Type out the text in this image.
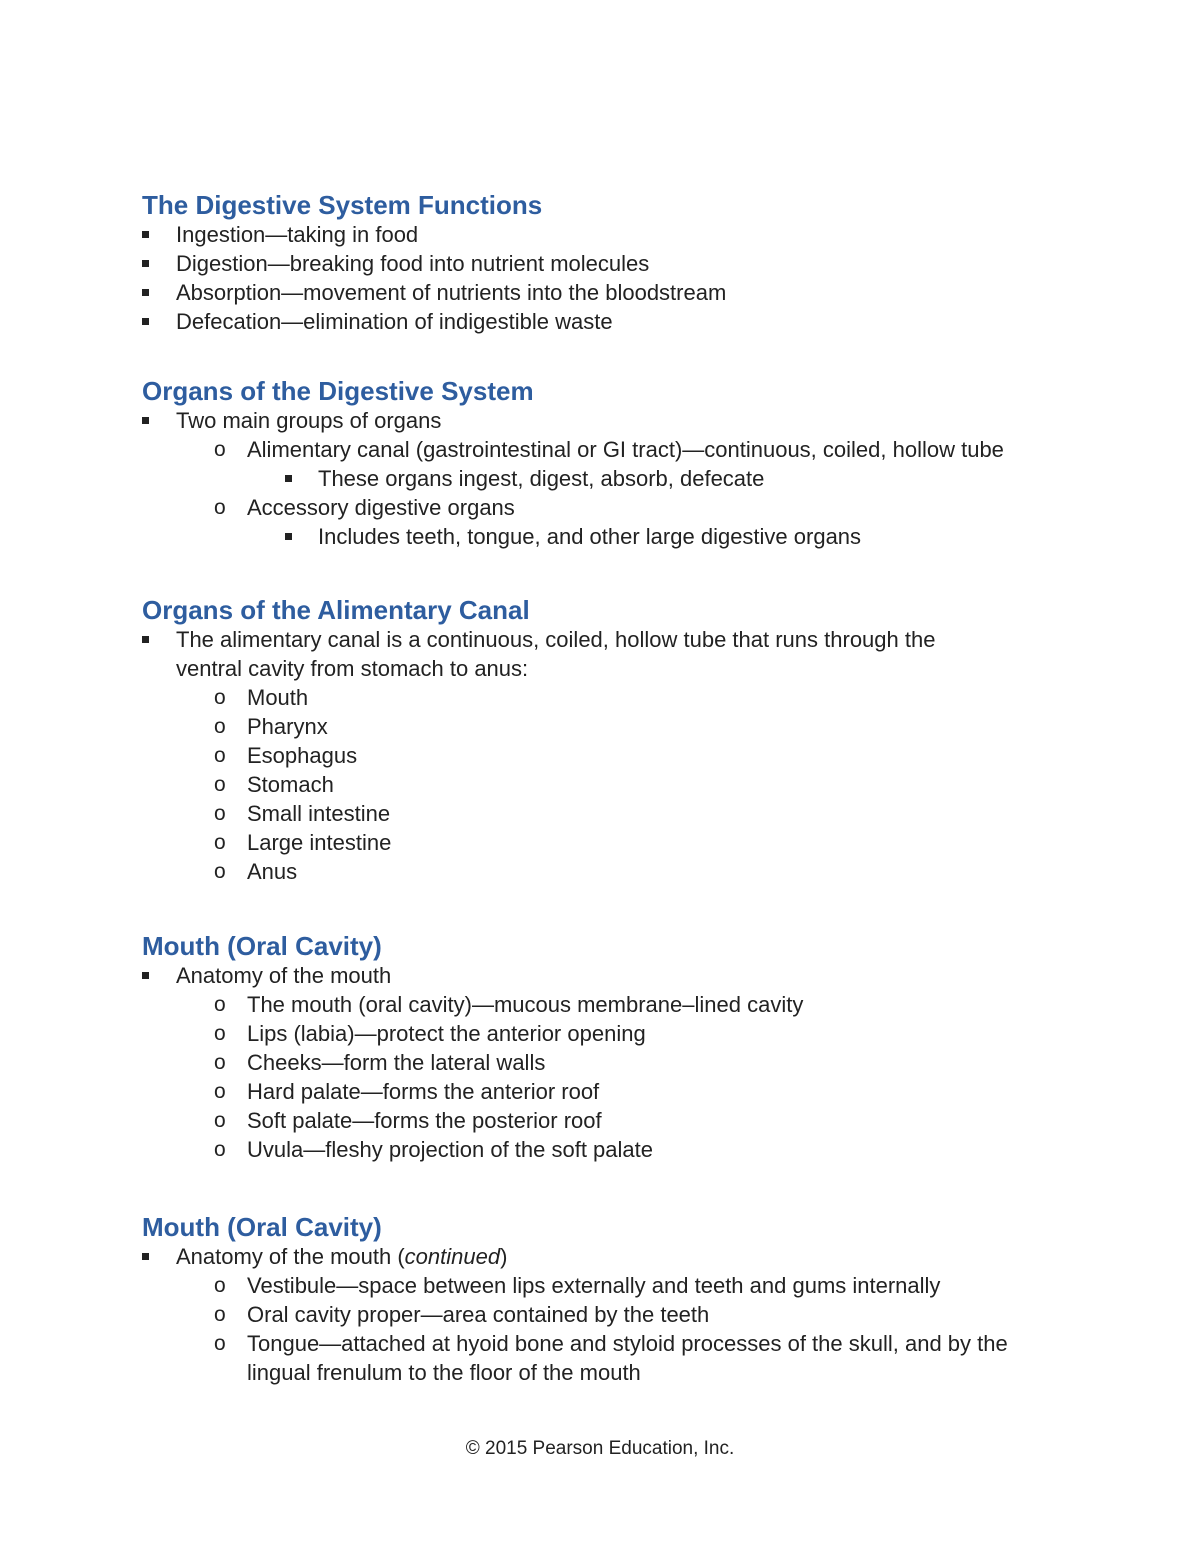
The Digestive System Functions
Ingestion—taking in food
Digestion—breaking food into nutrient molecules
Absorption—movement of nutrients into the bloodstream
Defecation—elimination of indigestible waste
Organs of the Digestive System
Two main groups of organs
o Alimentary canal (gastrointestinal or GI tract)—continuous, coiled, hollow tube
These organs ingest, digest, absorb, defecate
o Accessory digestive organs
Includes teeth, tongue, and other large digestive organs
Organs of the Alimentary Canal
The alimentary canal is a continuous, coiled, hollow tube that runs through the ventral cavity from stomach to anus:
o Mouth
o Pharynx
o Esophagus
o Stomach
o Small intestine
o Large intestine
o Anus
Mouth (Oral Cavity)
Anatomy of the mouth
o The mouth (oral cavity)—mucous membrane–lined cavity
o Lips (labia)—protect the anterior opening
o Cheeks—form the lateral walls
o Hard palate—forms the anterior roof
o Soft palate—forms the posterior roof
o Uvula—fleshy projection of the soft palate
Mouth (Oral Cavity)
Anatomy of the mouth (continued)
o Vestibule—space between lips externally and teeth and gums internally
o Oral cavity proper—area contained by the teeth
o Tongue—attached at hyoid bone and styloid processes of the skull, and by the lingual frenulum to the floor of the mouth
© 2015 Pearson Education, Inc.
